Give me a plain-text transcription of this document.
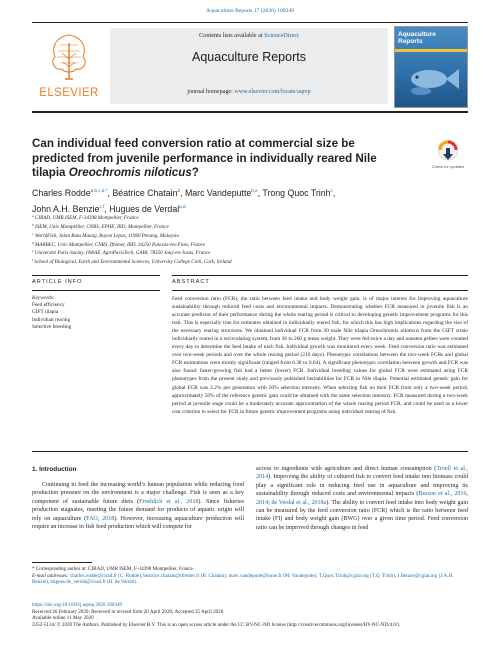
Aquaculture Reports 17 (2020) 100349
ELSEVIER
Contents lists available at ScienceDirect
Aquaculture Reports
journal homepage: www.elsevier.com/locate/aqrep
Aquaculture
Reports
Can individual feed conversion ratio at commercial size be predicted from juvenile performance in individually reared Nile tilapia Oreochromis niloticus?	Check for updates
Charles Rodde$^{a,b,c,d,*}$, Béatrice Chatain$^b$, Marc Vandeputte$^{b,e}$, Trong Quoc Trinh$^c$,
John A.H. Benzie$^{c,f}$, Hugues de Verdal$^{a,d}$
$^a$ CIRAD, UMR ISEM, F-34398 Montpellier, France
$^b$ ISEM, Univ Montpellier, CNRS, EPHE, IRD, Montpellier, France
$^c$ WorldFish, Jalan Batu Maung, Bayan Lepas, 11960 Penang, Malaysia
$^d$ MARBEC, Univ Montpellier, CNRS, Ifremer, IRD, 34250 Palavas-les-Flots, France
$^e$ Université Paris-Saclay, INRAE, AgroParisTech, GABI, 78350 Jouy-en-Josas, France
$^f$ School of Biological, Earth and Environmental Sciences, University College Cork, Cork, Ireland
ARTICLE INFO	ABSTRACT
Keywords:
Feed efficiency
GIFT tilapia
Individual rearing
Selective breeding
Feed conversion ratio (FCR), the ratio between feed intake and body weight gain, is of major interest for improving aquaculture sustainability through reduced feed costs and environmental impacts. Demonstrating whether FCR measured in juvenile fish is an accurate predictor of their performance during the whole rearing period is critical to developing genetic improvement programs for this trait. This is especially true for estimates obtained in individually reared fish, for which this has high implications regarding the size of the necessary rearing structures. We obtained individual FCR from 30 male Nile tilapia Oreochromis niloticus from the GIFT strain individually reared in a recirculating system, from 36 to 260 g mean weight. They were fed twice a day and uneaten pellets were counted every day to determine the feed intake of each fish. Individual growth was monitored every week. Feed conversion ratio was estimated over two-week periods and over the whole rearing period (210 days). Phenotypic correlations between the two-week FCRs and global FCR estimations were mostly significant (ranged from 0.38 to 0.64). A significant phenotypic correlation between growth and FCR was also found: faster-growing fish had a better (lower) FCR. Individual breeding values for global FCR were estimated using FCR phenotypes from the present study and previously published heritabilities for FCR in Nile tilapia. Potential estimated genetic gain for global FCR was 2.2% per generation with 50% selection intensity. When selecting fish on their FCR from only a two-week period, approximately 50% of the reference genetic gain could be obtained with the same selection intensity. FCR measured during a two-week period at juvenile stage could be a moderately accurate approximation of the whole rearing period FCR, and could be used as a lower cost criterion to select for FCR in future genetic improvement programs using individual rearing of fish.
1. Introduction
Continuing to feed the increasing world’s human population while reducing food production pressure on the environment is a major challenge. Fish is seen as a key component of sustainable future diets (Froehlich et al., 2018). Since fisheries production stagnates, meeting the future demand for products of aquatic origin will rely on aquaculture (FAO, 2018). However, increasing aquaculture production will require an increase in fish feed production which will compete for
access to ingredients with agriculture and direct human consumption (Troell et al., 2014). Improving the ability of cultured fish to convert feed intake into biomass could play a significant role in reducing feed use in aquaculture and improving its sustainability through reduced costs and environmental impacts (Besson et al., 2016, 2014; de Verdal et al., 2018a). The ability to convert feed intake into body weight gain can be measured by the feed conversion ratio (FCR) which is the ratio between feed intake (FI) and body weight gain (BWG) over a given time period. Feed conversion ratio can be improved through changes in feed
* Corresponding author at: CIRAD, UMR ISEM, F-34398 Montpellier, France.
E-mail addresses: charles.rodde@cirad.fr (C. Rodde), beatrice.chatain@ifremer.fr (B. Chatain), marc.vandeputte@inrae.fr (M. Vandeputte), T.Quoc.Trinh@cgiar.org (T.Q. Trinh), J.Benzie@cgiar.org (J.A.H. Benzie), hugues.de_verdal@cirad.fr (H. de Verdal).
https://doi.org/10.1016/j.aqrep.2020.100349
Received 26 February 2020; Received in revised form 20 April 2020; Accepted 25 April 2020
Available online 11 May 2020
2352-5134/ © 2020 The Authors. Published by Elsevier B.V. This is an open access article under the CC BY-NC-ND license (http://creativecommons.org/licenses/BY-NC-ND/4.0/).
